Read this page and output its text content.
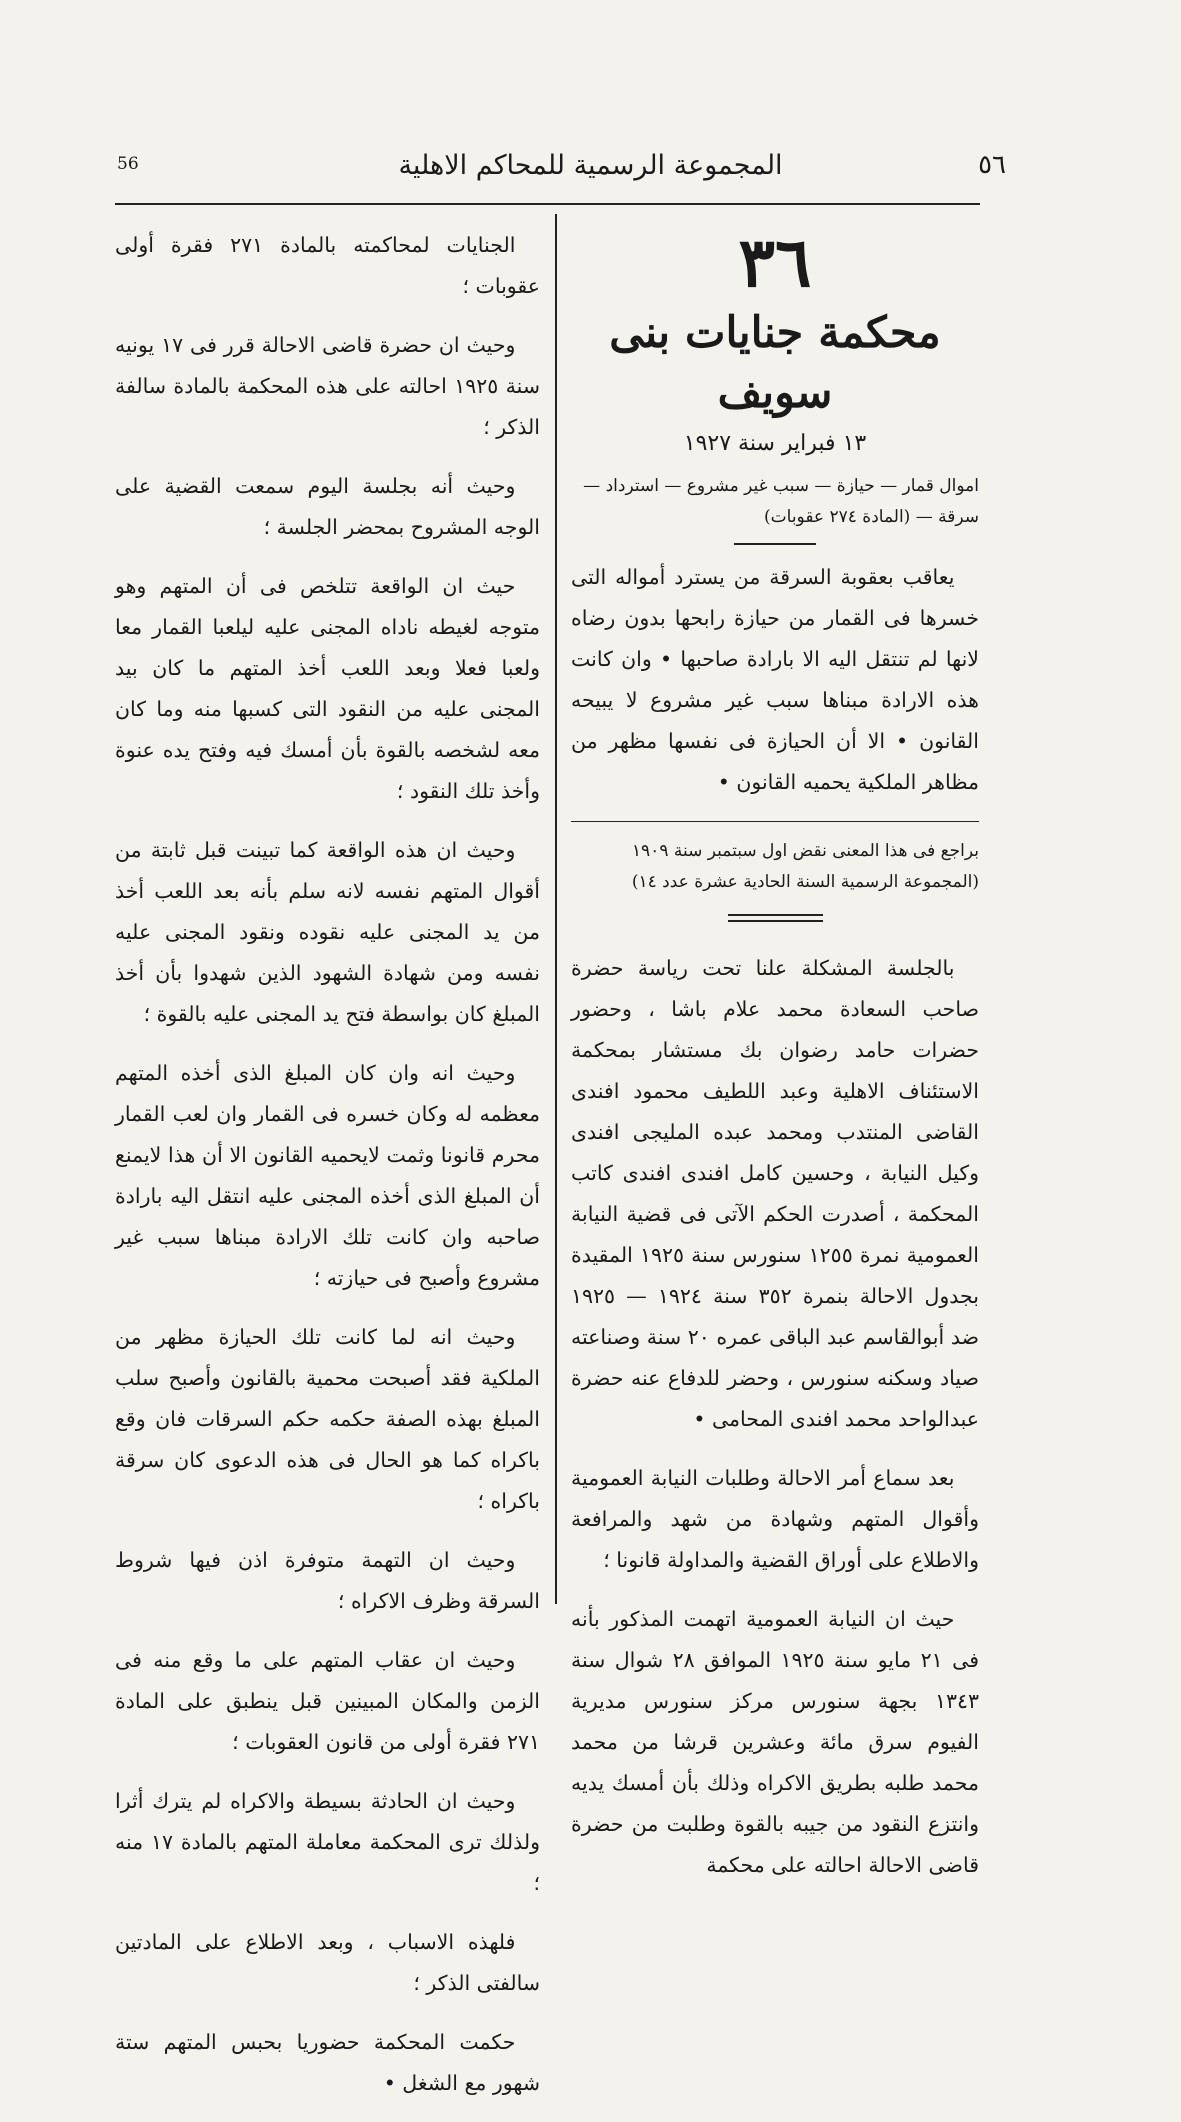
56	المجموعة الرسمية للمحاكم الاهلية	٥٦
٣٦
محكمة جنايات بنى سويف
١٣ فبراير سنة ١٩٢٧
اموال قمار — حيازة — سبب غير مشروع — استرداد — سرقة — (المادة ٢٧٤ عقوبات)

يعاقب بعقوبة السرقة من يسترد أمواله التى خسرها فى القمار من حيازة رابحها بدون رضاه لانها لم تنتقل اليه الا بارادة صاحبها • وان كانت هذه الارادة مبناها سبب غير مشروع لا يبيحه القانون • الا أن الحيازة فى نفسها مظهر من مظاهر الملكية يحميه القانون •

براجع فى هذا المعنى نقض اول سبتمبر سنة ١٩٠٩ (المجموعة الرسمية السنة الحادية عشرة عدد ١٤)

بالجلسة المشكلة علنا تحت رياسة حضرة صاحب السعادة محمد علام باشا ، وحضور حضرات حامد رضوان بك مستشار بمحكمة الاستئناف الاهلية وعبد اللطيف محمود افندى القاضى المنتدب ومحمد عبده المليجى افندى وكيل النيابة ، وحسين كامل افندى افندى كاتب المحكمة ، أصدرت الحكم الآتى فى قضية النيابة العمومية نمرة ١٢٥٥ سنورس سنة ١٩٢٥ المقيدة بجدول الاحالة بنمرة ٣٥٢ سنة ١٩٢٤ — ١٩٢٥ ضد أبوالقاسم عبد الباقى عمره ٢٠ سنة وصناعته صياد وسكنه سنورس ، وحضر للدفاع عنه حضرة عبدالواحد محمد افندى المحامى •

بعد سماع أمر الاحالة وطلبات النيابة العمومية وأقوال المتهم وشهادة من شهد والمرافعة والاطلاع على أوراق القضية والمداولة قانونا ؛

حيث ان النيابة العمومية اتهمت المذكور بأنه فى ٢١ مايو سنة ١٩٢٥ الموافق ٢٨ شوال سنة ١٣٤٣ بجهة سنورس مركز سنورس مديرية الفيوم سرق مائة وعشرين قرشا من محمد محمد طلبه بطريق الاكراه وذلك بأن أمسك يديه وانتزع النقود من جيبه بالقوة وطلبت من حضرة قاضى الاحالة احالته على محكمة

الجنايات لمحاكمته بالمادة ٢٧١ فقرة أولى عقوبات ؛

وحيث ان حضرة قاضى الاحالة قرر فى ١٧ يونيه سنة ١٩٢٥ احالته على هذه المحكمة بالمادة سالفة الذكر ؛

وحيث أنه بجلسة اليوم سمعت القضية على الوجه المشروح بمحضر الجلسة ؛

حيث ان الواقعة تتلخص فى أن المتهم وهو متوجه لغيطه ناداه المجنى عليه ليلعبا القمار معا ولعبا فعلا وبعد اللعب أخذ المتهم ما كان بيد المجنى عليه من النقود التى كسبها منه وما كان معه لشخصه بالقوة بأن أمسك فيه وفتح يده عنوة وأخذ تلك النقود ؛

وحيث ان هذه الواقعة كما تبينت قبل ثابتة من أقوال المتهم نفسه لانه سلم بأنه بعد اللعب أخذ من يد المجنى عليه نقوده ونقود المجنى عليه نفسه ومن شهادة الشهود الذين شهدوا بأن أخذ المبلغ كان بواسطة فتح يد المجنى عليه بالقوة ؛

وحيث انه وان كان المبلغ الذى أخذه المتهم معظمه له وكان خسره فى القمار وان لعب القمار محرم قانونا وثمت لايحميه القانون الا أن هذا لايمنع أن المبلغ الذى أخذه المجنى عليه انتقل اليه بارادة صاحبه وان كانت تلك الارادة مبناها سبب غير مشروع وأصبح فى حيازته ؛

وحيث انه لما كانت تلك الحيازة مظهر من الملكية فقد أصبحت محمية بالقانون وأصبح سلب المبلغ بهذه الصفة حكمه حكم السرقات فان وقع باكراه كما هو الحال فى هذه الدعوى كان سرقة باكراه ؛

وحيث ان التهمة متوفرة اذن فيها شروط السرقة وظرف الاكراه ؛

وحيث ان عقاب المتهم على ما وقع منه فى الزمن والمكان المبينين قبل ينطبق على المادة ٢٧١ فقرة أولى من قانون العقوبات ؛

وحيث ان الحادثة بسيطة والاكراه لم يترك أثرا ولذلك ترى المحكمة معاملة المتهم بالمادة ١٧ منه ؛

فلهذه الاسباب ، وبعد الاطلاع على المادتين سالفتى الذكر ؛

حكمت المحكمة حضوريا بحبس المتهم ستة شهور مع الشغل •
